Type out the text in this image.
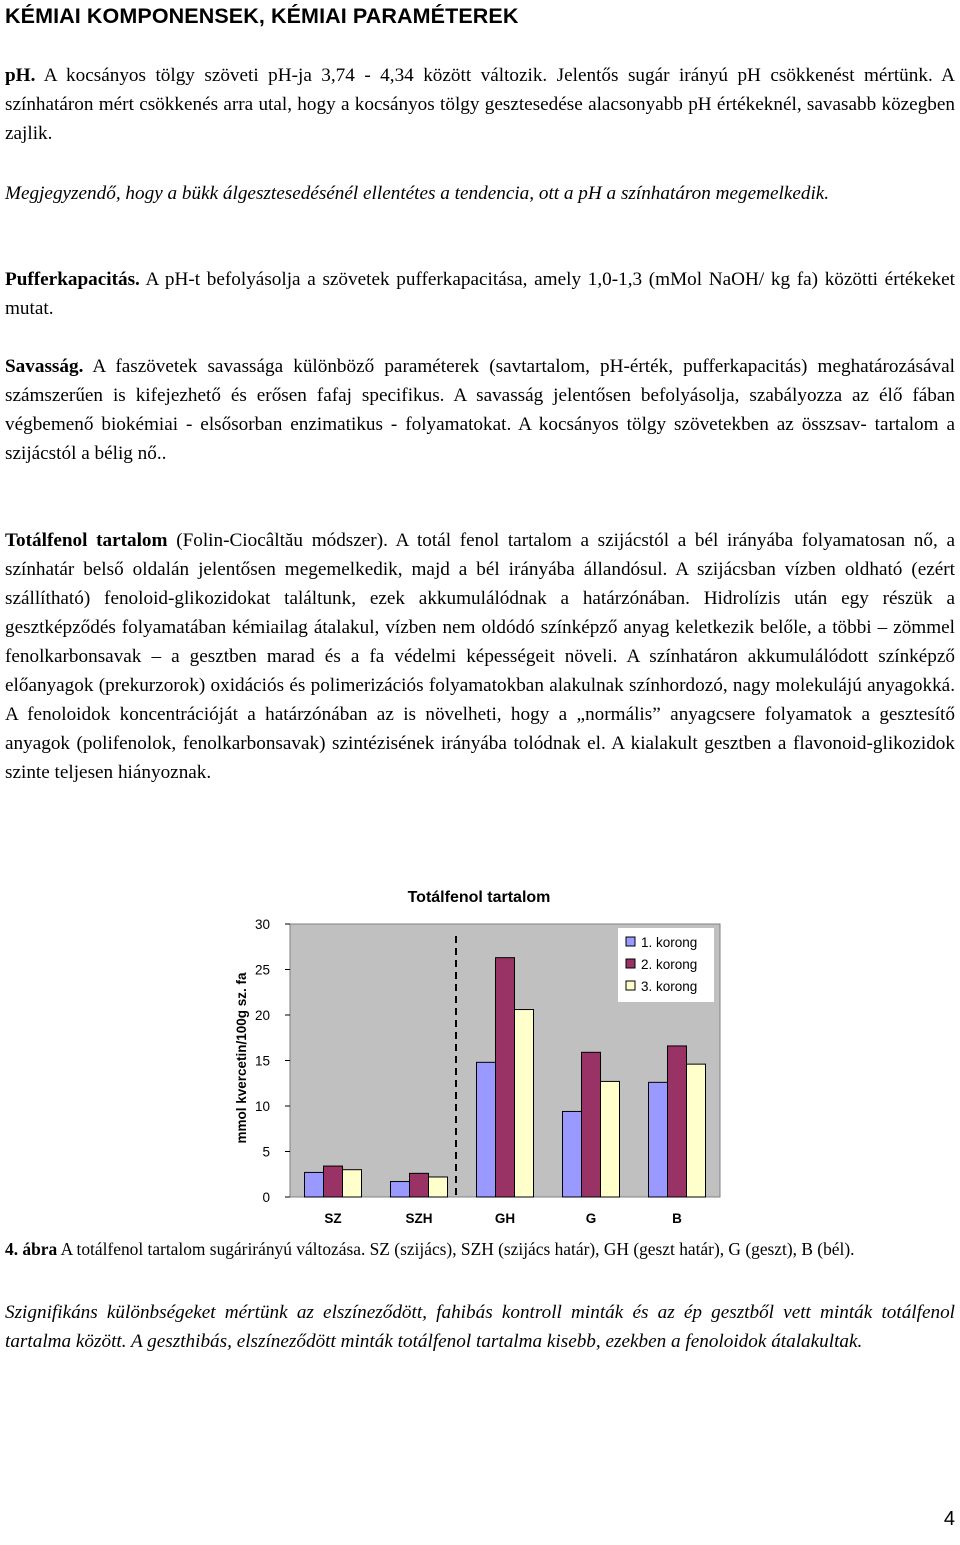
KÉMIAI KOMPONENSEK, KÉMIAI PARAMÉTEREK

pH. A kocsányos tölgy szöveti pH-ja 3,74 - 4,34 között változik. Jelentős sugár irányú pH csökkenést mértünk. A színhatáron mért csökkenés arra utal, hogy a kocsányos tölgy gesztesedése alacsonyabb pH értékeknél, savasabb közegben zajlik.

Megjegyzendő, hogy a bükk álgesztesedésénél ellentétes a tendencia, ott a pH a színhatáron megemelkedik.

Pufferkapacitás. A pH-t befolyásolja a szövetek pufferkapacitása, amely 1,0-1,3 (mMol NaOH/ kg fa) közötti értékeket mutat.

Savasság. A faszövetek savassága különböző paraméterek (savtartalom, pH-érték, pufferkapacitás) meghatározásával számszerűen is kifejezhető és erősen fafaj specifikus. A savasság jelentősen befolyásolja, szabályozza az élő fában végbemenő biokémiai - elsősorban enzimatikus - folyamatokat. A kocsányos tölgy szövetekben az összsav- tartalom a szijácstól a bélig nő..

Totálfenol tartalom (Folin-Ciocâltău módszer). A totál fenol tartalom a szijácstól a bél irányába folyamatosan nő, a színhatár belső oldalán jelentősen megemelkedik, majd a bél irányába állandósul. A szijácsban vízben oldható (ezért szállítható) fenoloid-glikozidokat találtunk, ezek akkumulálódnak a határzónában. Hidrolízis után egy részük a gesztképződés folyamatában kémiailag átalakul, vízben nem oldódó színképző anyag keletkezik belőle, a többi – zömmel fenolkarbonsavak – a gesztben marad és a fa védelmi képességeit növeli. A színhatáron akkumulálódott színképző előanyagok (prekurzorok) oxidációs és polimerizációs folyamatokban alakulnak színhordozó, nagy molekulájú anyagokká. A fenoloidok koncentrációját a határzónában az is növelheti, hogy a „normális” anyagcsere folyamatok a gesztesítő anyagok (polifenolok, fenolkarbonsavak) szintézisének irányába tolódnak el. A kialakult gesztben a flavonoid-glikozidok szinte teljesen hiányoznak.

4. ábra A totálfenol tartalom sugárirányú változása. SZ (szijács), SZH (szijács határ), GH (geszt határ), G (geszt), B (bél).

Szignifikáns különbségeket mértünk az elszíneződött, fahibás kontroll minták és az ép gesztből vett minták totálfenol tartalma között. A geszthibás, elszíneződött minták totálfenol tartalma kisebb, ezekben a fenoloidok átalakultak.

Totálfenol tartalom
mmol kvercetin/100g sz. fa
0
5
10
15
20
25
30
SZ	SZH	GH	G	B
1. korong
2. korong
3. korong
4
